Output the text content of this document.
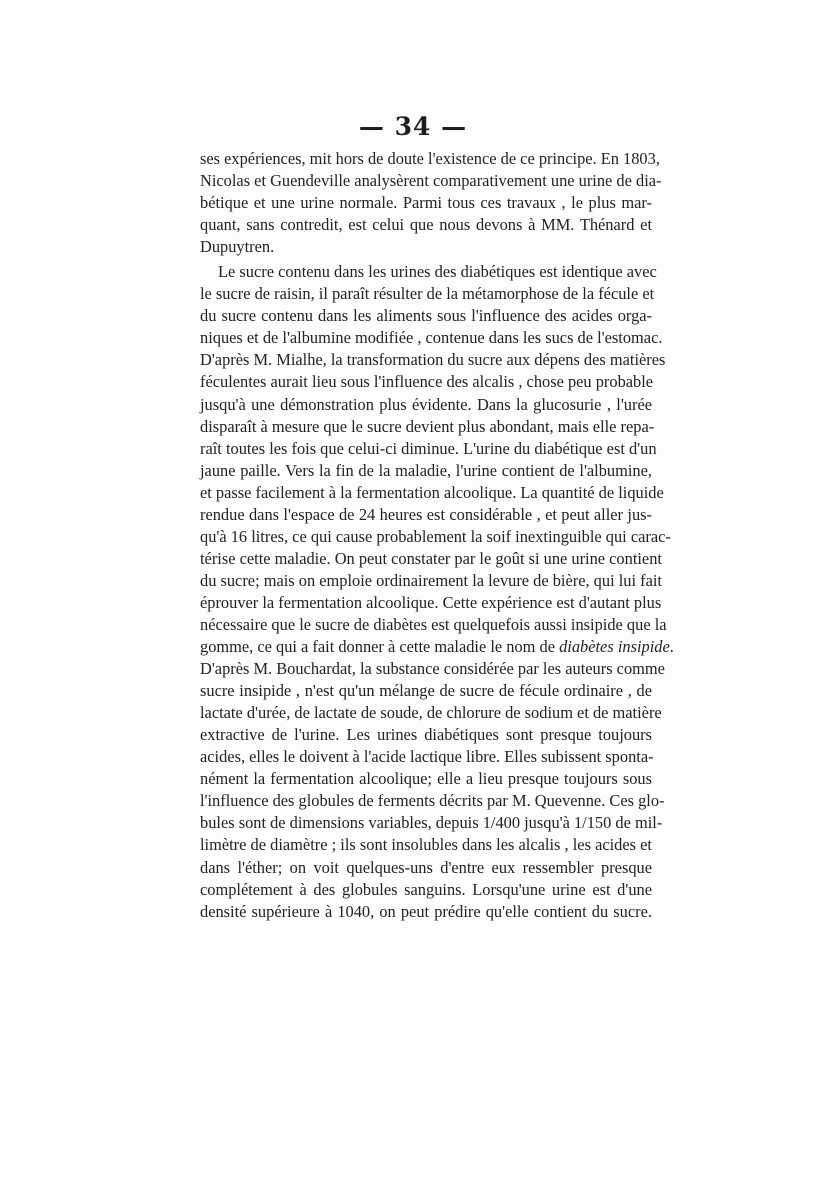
— 34 —
ses expériences, mit hors de doute l'existence de ce principe. En 1803,
Nicolas et Guendeville analysèrent comparativement une urine de dia-
bétique et une urine normale. Parmi tous ces travaux , le plus mar-
quant, sans contredit, est celui que nous devons à MM. Thénard et
Dupuytren.
Le sucre contenu dans les urines des diabétiques est identique avec
le sucre de raisin, il paraît résulter de la métamorphose de la fécule et
du sucre contenu dans les aliments sous l'influence des acides orga-
niques et de l'albumine modifiée , contenue dans les sucs de l'estomac.
D'après M. Mialhe, la transformation du sucre aux dépens des matières
féculentes aurait lieu sous l'influence des alcalis , chose peu probable
jusqu'à une démonstration plus évidente. Dans la glucosurie , l'urée
disparaît à mesure que le sucre devient plus abondant, mais elle repa-
raît toutes les fois que celui-ci diminue. L'urine du diabétique est d'un
jaune paille. Vers la fin de la maladie, l'urine contient de l'albumine,
et passe facilement à la fermentation alcoolique. La quantité de liquide
rendue dans l'espace de 24 heures est considérable , et peut aller jus-
qu'à 16 litres, ce qui cause probablement la soif inextinguible qui carac-
térise cette maladie. On peut constater par le goût si une urine contient
du sucre; mais on emploie ordinairement la levure de bière, qui lui fait
éprouver la fermentation alcoolique. Cette expérience est d'autant plus
nécessaire que le sucre de diabètes est quelquefois aussi insipide que la
gomme, ce qui a fait donner à cette maladie le nom de diabètes insipide.
D'après M. Bouchardat, la substance considérée par les auteurs comme
sucre insipide , n'est qu'un mélange de sucre de fécule ordinaire , de
lactate d'urée, de lactate de soude, de chlorure de sodium et de matière
extractive de l'urine. Les urines diabétiques sont presque toujours
acides, elles le doivent à l'acide lactique libre. Elles subissent sponta-
nément la fermentation alcoolique; elle a lieu presque toujours sous
l'influence des globules de ferments décrits par M. Quevenne. Ces glo-
bules sont de dimensions variables, depuis 1/400 jusqu'à 1/150 de mil-
limètre de diamètre ; ils sont insolubles dans les alcalis , les acides et
dans l'éther; on voit quelques-uns d'entre eux ressembler presque
complétement à des globules sanguins. Lorsqu'une urine est d'une
densité supérieure à 1040, on peut prédire qu'elle contient du sucre.
